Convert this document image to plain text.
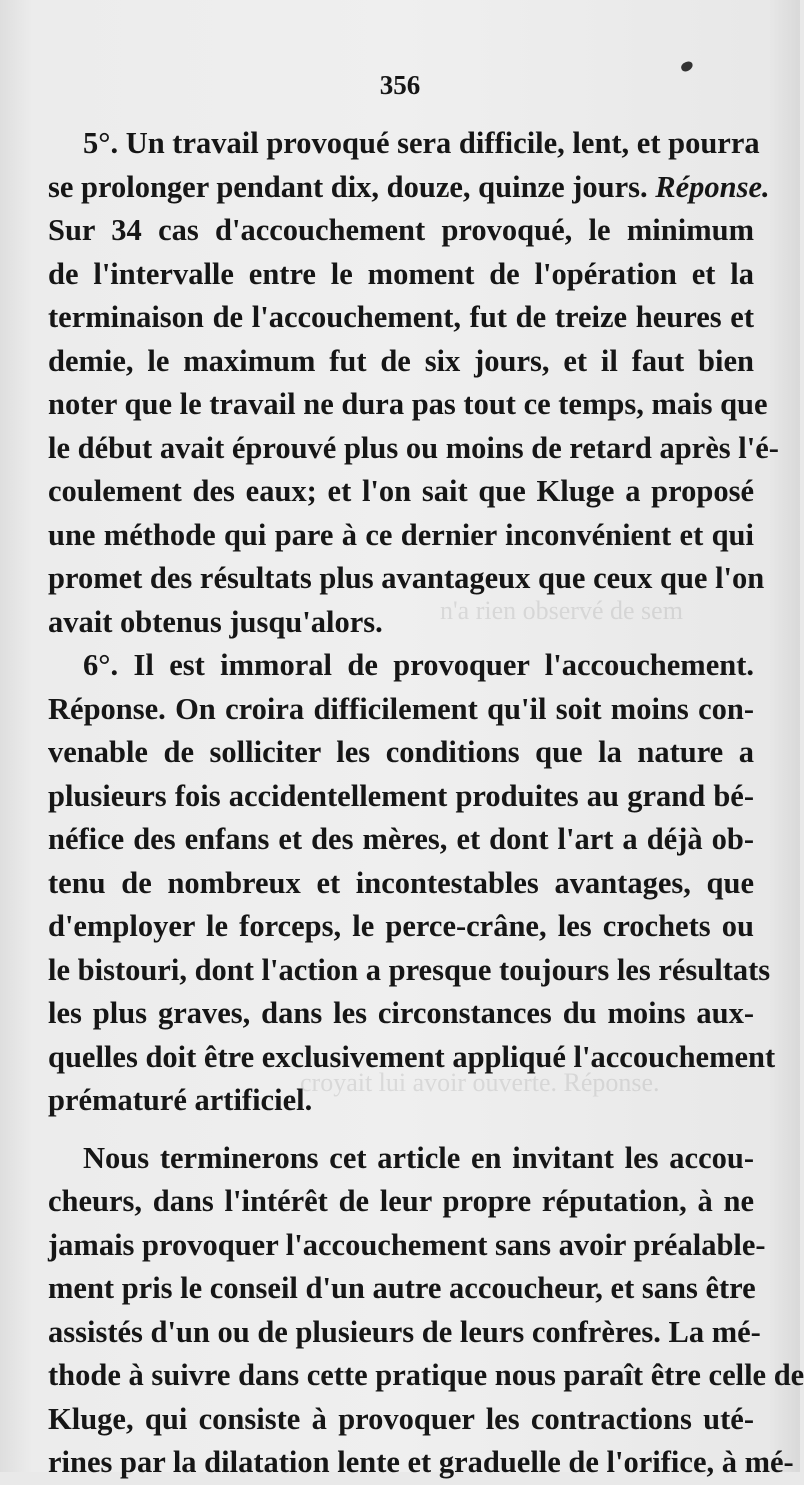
n'a rien observé de sem
croyait lui avoir ouverte. Réponse.
356
5°. Un travail provoqué sera difficile, lent, et pourra
se prolonger pendant dix, douze, quinze jours. Réponse.
Sur 34 cas d'accouchement provoqué, le minimum
de l'intervalle entre le moment de l'opération et la
terminaison de l'accouchement, fut de treize heures et
demie, le maximum fut de six jours, et il faut bien
noter que le travail ne dura pas tout ce temps, mais que
le début avait éprouvé plus ou moins de retard après l'é-
coulement des eaux; et l'on sait que Kluge a proposé
une méthode qui pare à ce dernier inconvénient et qui
promet des résultats plus avantageux que ceux que l'on
avait obtenus jusqu'alors.
6°. Il est immoral de provoquer l'accouchement.
Réponse. On croira difficilement qu'il soit moins con-
venable de solliciter les conditions que la nature a
plusieurs fois accidentellement produites au grand bé-
néfice des enfans et des mères, et dont l'art a déjà ob-
tenu de nombreux et incontestables avantages, que
d'employer le forceps, le perce-crâne, les crochets ou
le bistouri, dont l'action a presque toujours les résultats
les plus graves, dans les circonstances du moins aux-
quelles doit être exclusivement appliqué l'accouchement
prématuré artificiel.
Nous terminerons cet article en invitant les accou-
cheurs, dans l'intérêt de leur propre réputation, à ne
jamais provoquer l'accouchement sans avoir préalable-
ment pris le conseil d'un autre accoucheur, et sans être
assistés d'un ou de plusieurs de leurs confrères. La mé-
thode à suivre dans cette pratique nous paraît être celle de
Kluge, qui consiste à provoquer les contractions uté-
rines par la dilatation lente et graduelle de l'orifice, à mé-
